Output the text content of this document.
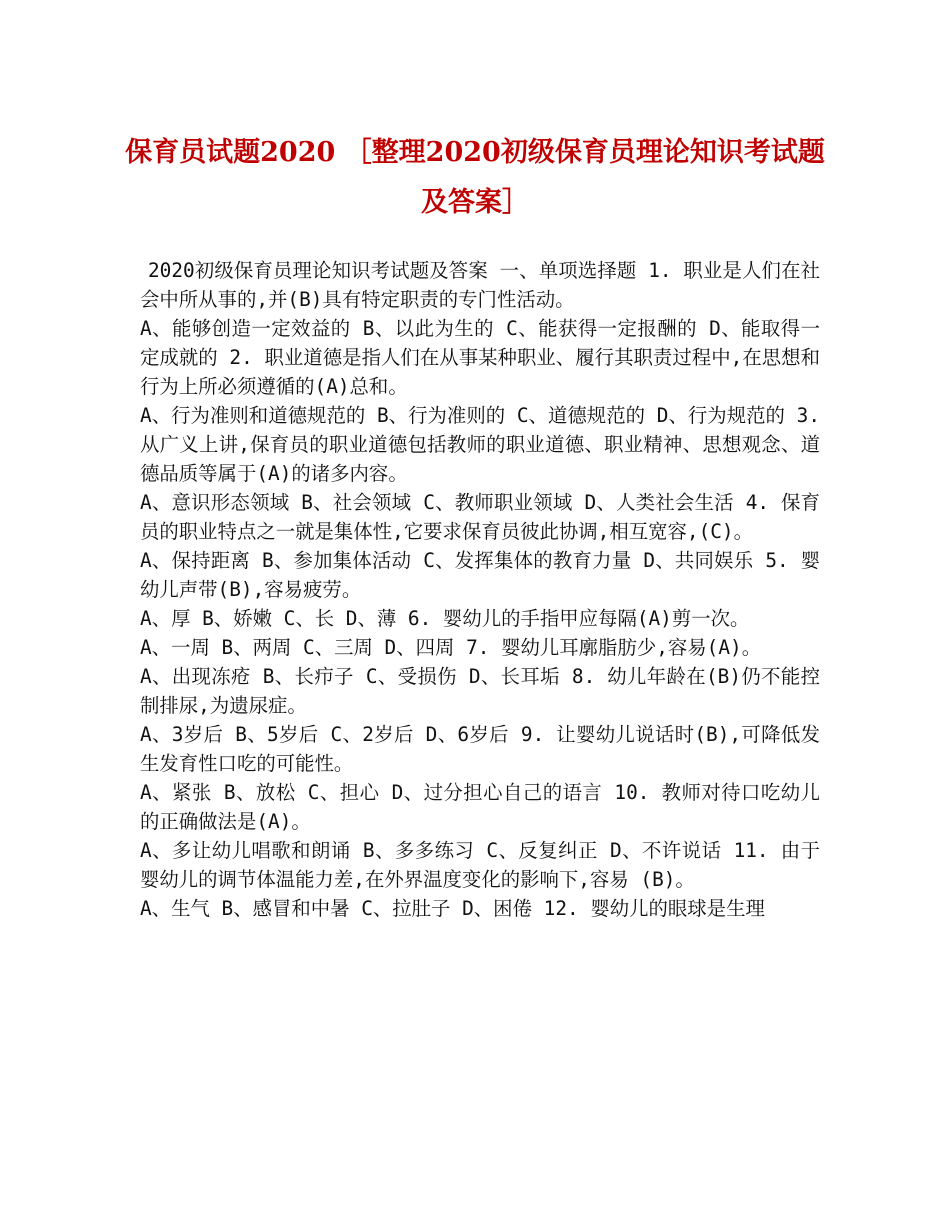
保育员试题2020 ［整理2020初级保育员理论知识考试题及答案］

2020初级保育员理论知识考试题及答案 一、单项选择题 1. 职业是人们在社会中所从事的,并(B)具有特定职责的专门性活动。

A、能够创造一定效益的 B、以此为生的 C、能获得一定报酬的 D、能取得一定成就的 2. 职业道德是指人们在从事某种职业、履行其职责过程中,在思想和行为上所必须遵循的(A)总和。

A、行为准则和道德规范的 B、行为准则的 C、道德规范的 D、行为规范的 3. 从广义上讲,保育员的职业道德包括教师的职业道德、职业精神、思想观念、道德品质等属于(A)的诸多内容。

A、意识形态领域 B、社会领域 C、教师职业领域 D、人类社会生活 4. 保育员的职业特点之一就是集体性,它要求保育员彼此协调,相互宽容,(C)。

A、保持距离 B、参加集体活动 C、发挥集体的教育力量 D、共同娱乐 5. 婴幼儿声带(B),容易疲劳。

A、厚 B、娇嫩 C、长 D、薄 6. 婴幼儿的手指甲应每隔(A)剪一次。

A、一周 B、两周 C、三周 D、四周 7. 婴幼儿耳廓脂肪少,容易(A)。

A、出现冻疮 B、长疖子 C、受损伤 D、长耳垢 8. 幼儿年龄在(B)仍不能控制排尿,为遗尿症。

A、3岁后 B、5岁后 C、2岁后 D、6岁后 9. 让婴幼儿说话时(B),可降低发生发育性口吃的可能性。

A、紧张 B、放松 C、担心 D、过分担心自己的语言 10. 教师对待口吃幼儿的正确做法是(A)。

A、多让幼儿唱歌和朗诵 B、多多练习 C、反复纠正 D、不许说话 11. 由于婴幼儿的调节体温能力差,在外界温度变化的影响下,容易 (B)。

A、生气 B、感冒和中暑 C、拉肚子 D、困倦 12. 婴幼儿的眼球是生理
